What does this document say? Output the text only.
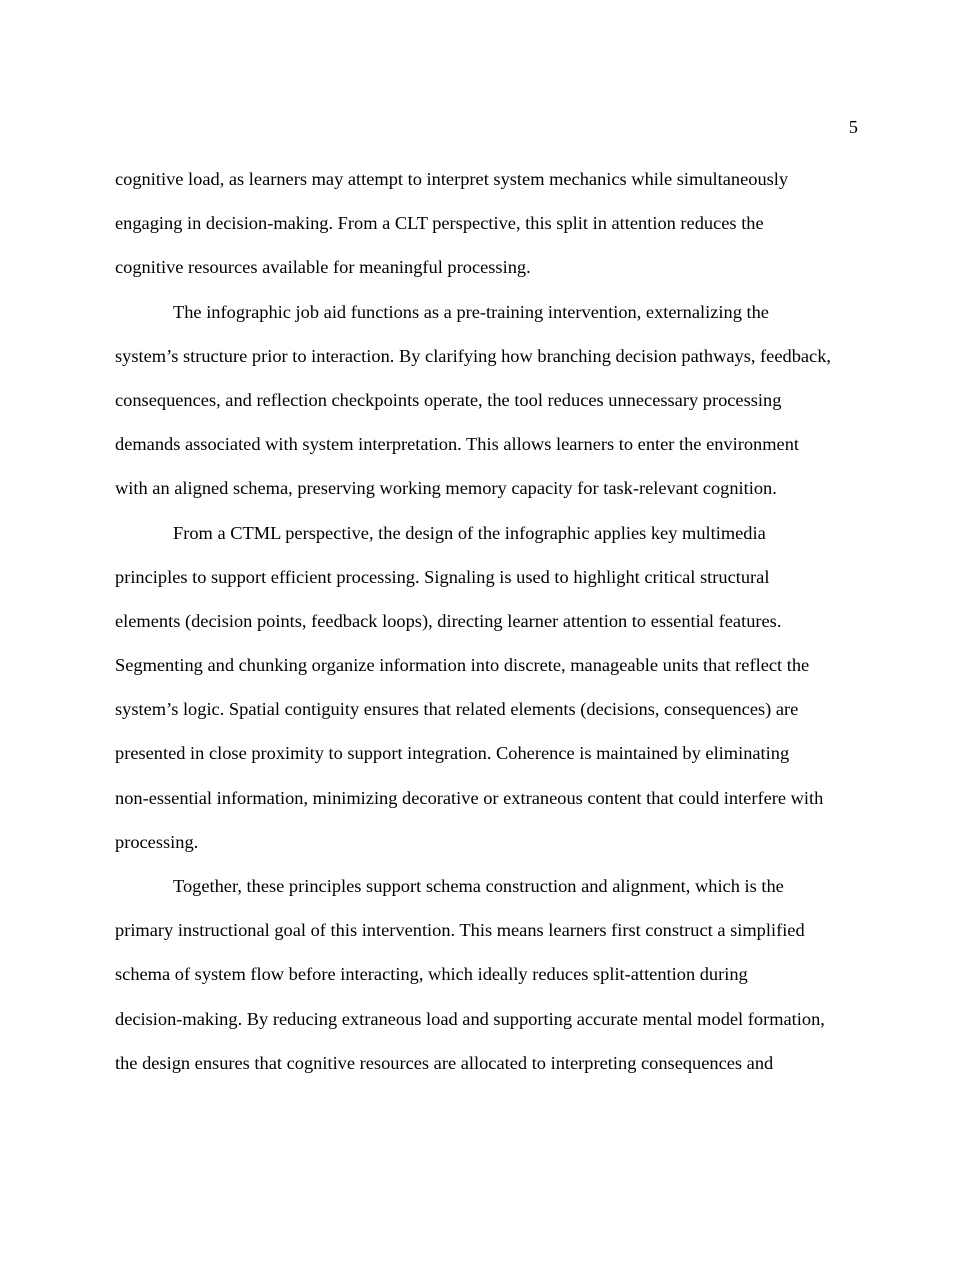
5
cognitive load, as learners may attempt to interpret system mechanics while simultaneously
engaging in decision-making. From a CLT perspective, this split in attention reduces the
cognitive resources available for meaningful processing.
The infographic job aid functions as a pre-training intervention, externalizing the
system’s structure prior to interaction. By clarifying how branching decision pathways, feedback,
consequences, and reflection checkpoints operate, the tool reduces unnecessary processing
demands associated with system interpretation. This allows learners to enter the environment
with an aligned schema, preserving working memory capacity for task-relevant cognition.
From a CTML perspective, the design of the infographic applies key multimedia
principles to support efficient processing. Signaling is used to highlight critical structural
elements (decision points, feedback loops), directing learner attention to essential features.
Segmenting and chunking organize information into discrete, manageable units that reflect the
system’s logic. Spatial contiguity ensures that related elements (decisions, consequences) are
presented in close proximity to support integration. Coherence is maintained by eliminating
non-essential information, minimizing decorative or extraneous content that could interfere with
processing.
Together, these principles support schema construction and alignment, which is the
primary instructional goal of this intervention. This means learners first construct a simplified
schema of system flow before interacting, which ideally reduces split-attention during
decision-making. By reducing extraneous load and supporting accurate mental model formation,
the design ensures that cognitive resources are allocated to interpreting consequences and
